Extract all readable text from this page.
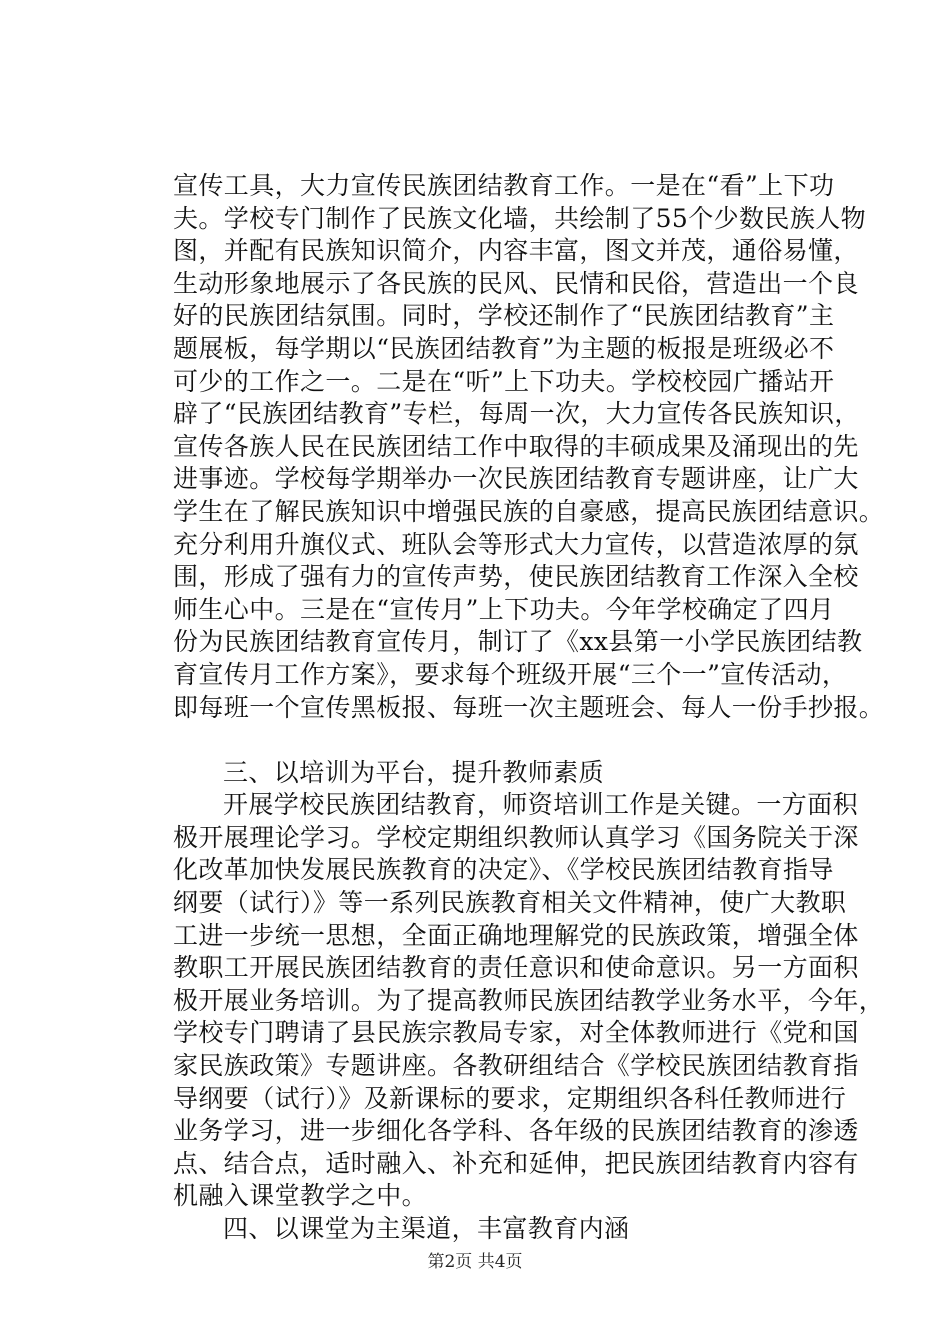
宣传工具，大力宣传民族团结教育工作。一是在“看”上下功
夫。学校专门制作了民族文化墙，共绘制了55个少数民族人物
图，并配有民族知识简介，内容丰富，图文并茂，通俗易懂，
生动形象地展示了各民族的民风、民情和民俗，营造出一个良
好的民族团结氛围。同时，学校还制作了“民族团结教育”主
题展板，每学期以“民族团结教育”为主题的板报是班级必不
可少的工作之一。二是在“听”上下功夫。学校校园广播站开
辟了“民族团结教育”专栏，每周一次，大力宣传各民族知识，
宣传各族人民在民族团结工作中取得的丰硕成果及涌现出的先
进事迹。学校每学期举办一次民族团结教育专题讲座，让广大
学生在了解民族知识中增强民族的自豪感，提高民族团结意识。
充分利用升旗仪式、班队会等形式大力宣传，以营造浓厚的氛
围，形成了强有力的宣传声势，使民族团结教育工作深入全校
师生心中。三是在“宣传月”上下功夫。今年学校确定了四月
份为民族团结教育宣传月，制订了《xx县第一小学民族团结教
育宣传月工作方案》，要求每个班级开展“三个一”宣传活动，
即每班一个宣传黑板报、每班一次主题班会、每人一份手抄报。
三、以培训为平台，提升教师素质
开展学校民族团结教育，师资培训工作是关键。一方面积
极开展理论学习。学校定期组织教师认真学习《国务院关于深
化改革加快发展民族教育的决定》、《学校民族团结教育指导
纲要（试行）》等一系列民族教育相关文件精神，使广大教职
工进一步统一思想，全面正确地理解党的民族政策，增强全体
教职工开展民族团结教育的责任意识和使命意识。另一方面积
极开展业务培训。为了提高教师民族团结教学业务水平，今年，
学校专门聘请了县民族宗教局专家，对全体教师进行《党和国
家民族政策》专题讲座。各教研组结合《学校民族团结教育指
导纲要（试行）》及新课标的要求，定期组织各科任教师进行
业务学习，进一步细化各学科、各年级的民族团结教育的渗透
点、结合点，适时融入、补充和延伸，把民族团结教育内容有
机融入课堂教学之中。
四、以课堂为主渠道，丰富教育内涵
第2页 共4页
